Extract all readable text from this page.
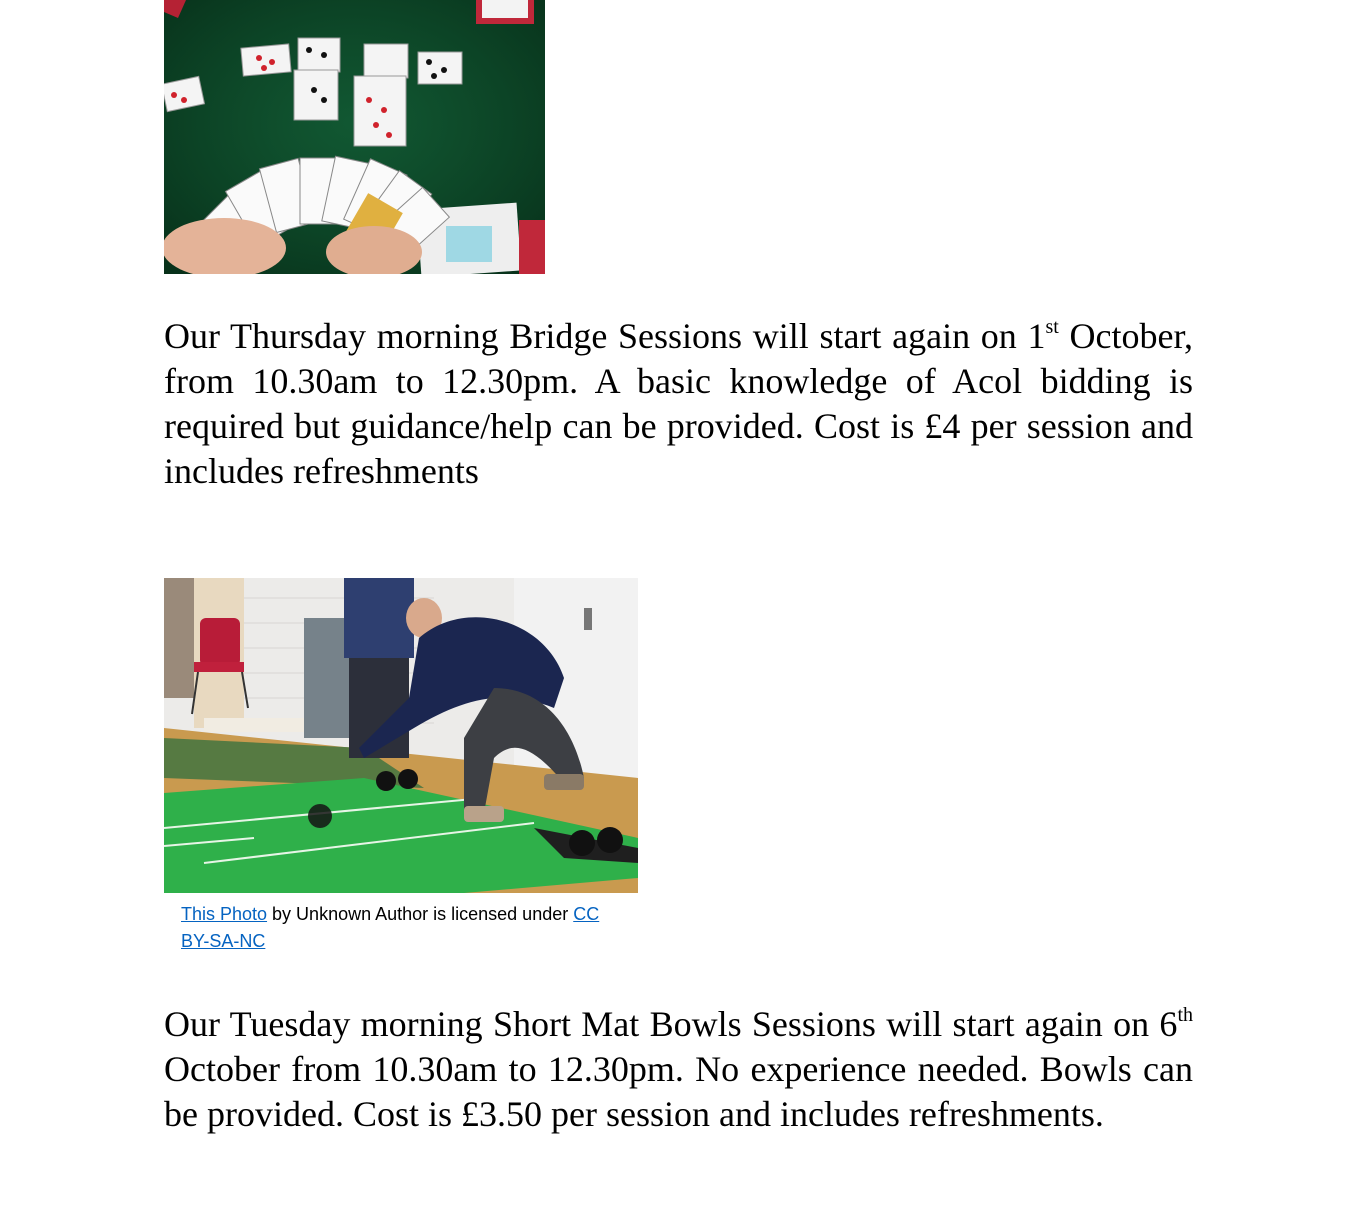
Our Thursday morning Bridge Sessions will start again on 1st October, from 10.30am to 12.30pm. A basic knowledge of Acol bidding is required but guidance/help can be provided. Cost is £4 per session and includes refreshments

This Photo by Unknown Author is licensed under CC BY-SA-NC

Our Tuesday morning Short Mat Bowls Sessions will start again on 6th October from 10.30am to 12.30pm. No experience needed. Bowls can be provided. Cost is £3.50 per session and includes refreshments.
